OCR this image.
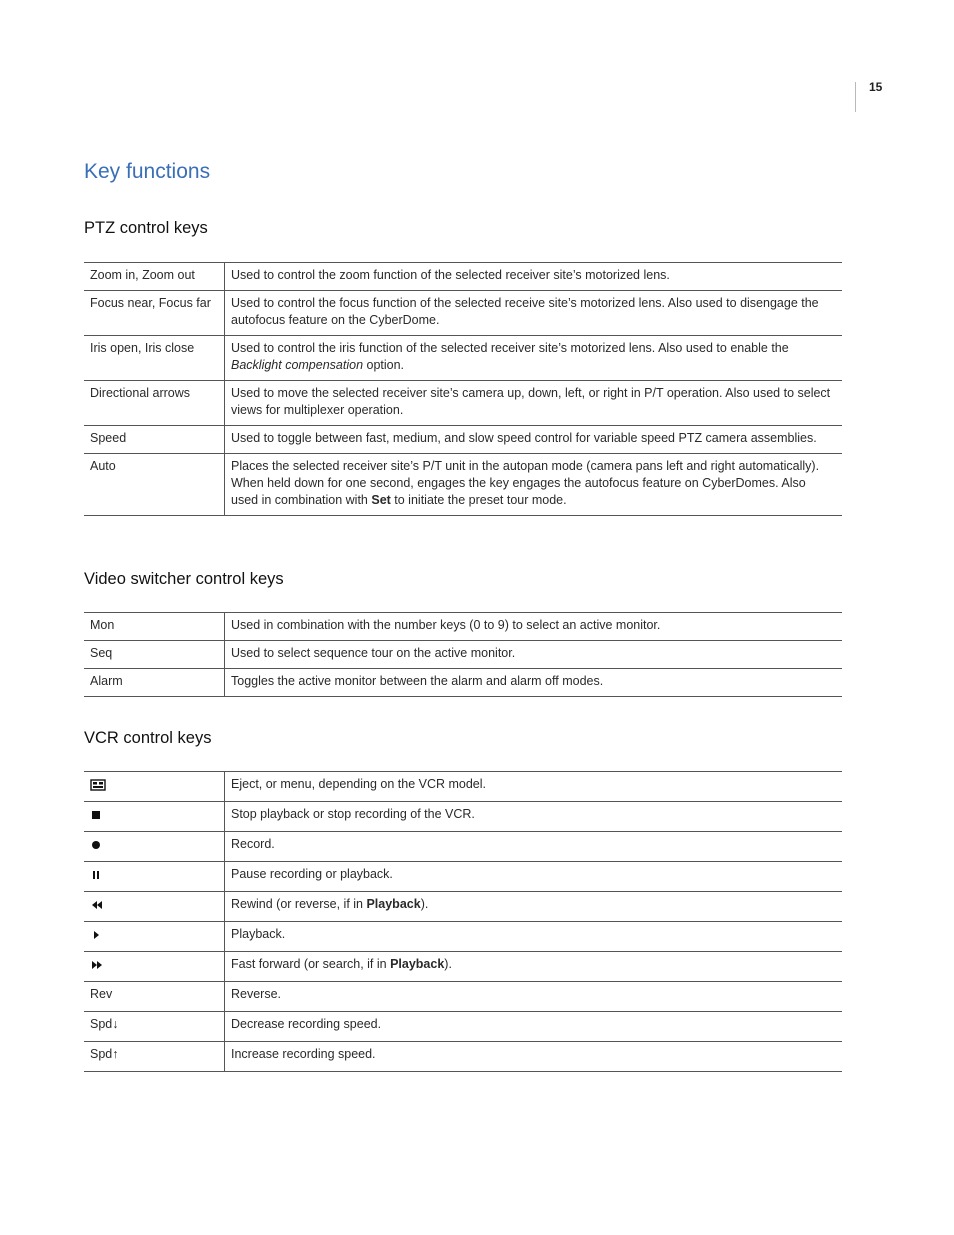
15
Key functions
PTZ control keys
Zoom in, Zoom out	Used to control the zoom function of the selected receiver site’s motorized lens.
Focus near, Focus far	Used to control the focus function of the selected receive site’s motorized lens. Also used to disengage the autofocus feature on the CyberDome.
Iris open, Iris close	Used to control the iris function of the selected receiver site’s motorized lens. Also used to enable the Backlight compensation option.
Directional arrows	Used to move the selected receiver site’s camera up, down, left, or right in P/T operation. Also used to select views for multiplexer operation.
Speed	Used to toggle between fast, medium, and slow speed control for variable speed PTZ camera assemblies.
Auto	Places the selected receiver site’s P/T unit in the autopan mode (camera pans left and right automatically). When held down for one second, engages the key engages the autofocus feature on CyberDomes. Also used in combination with Set to initiate the preset tour mode.
Video switcher control keys
Mon	Used in combination with the number keys (0 to 9) to select an active monitor.
Seq	Used to select sequence tour on the active monitor.
Alarm	Toggles the active monitor between the alarm and alarm off modes.
VCR control keys
	Eject, or menu, depending on the VCR model.
	Stop playback or stop recording of the VCR.
	Record.
	Pause recording or playback.
	Rewind (or reverse, if in Playback).
	Playback.
	Fast forward (or search, if in Playback).
Rev	Reverse.
Spd↓	Decrease recording speed.
Spd↑	Increase recording speed.
